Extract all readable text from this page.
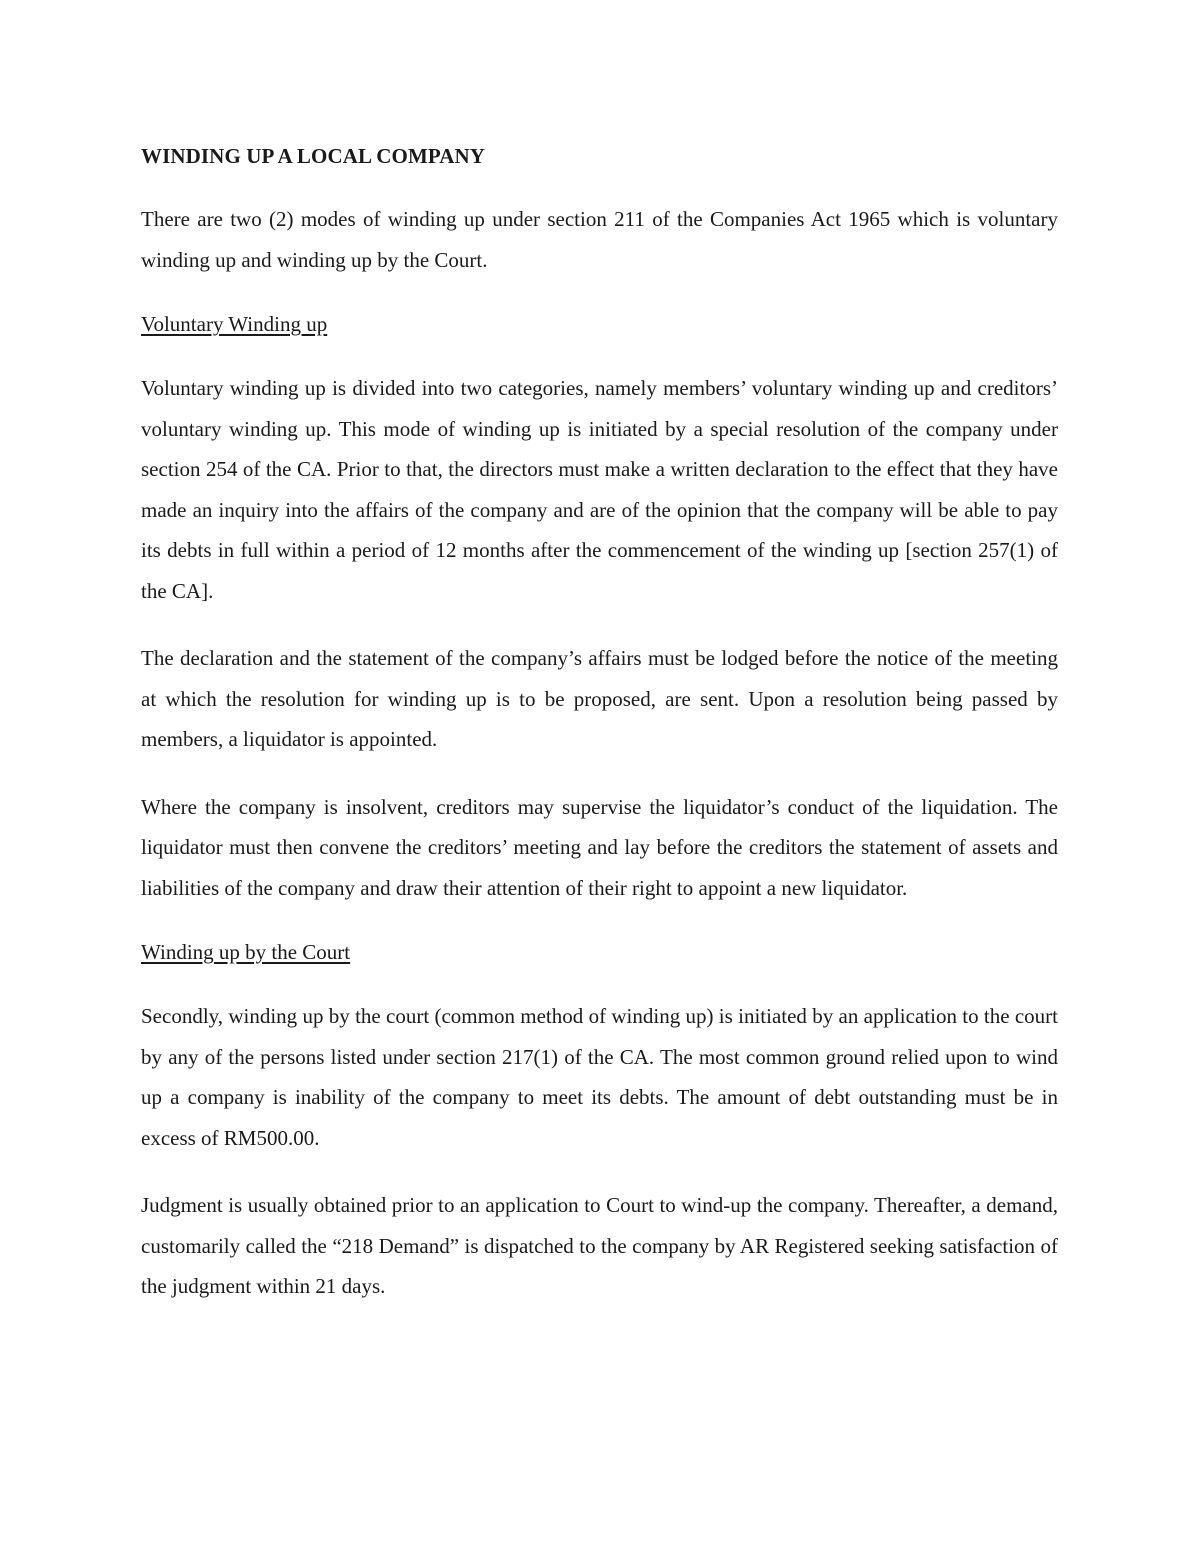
WINDING UP A LOCAL COMPANY
There are two (2) modes of winding up under section 211 of the Companies Act 1965 which is voluntary winding up and winding up by the Court.
Voluntary Winding up
Voluntary winding up is divided into two categories, namely members’ voluntary winding up and creditors’ voluntary winding up. This mode of winding up is initiated by a special resolution of the company under section 254 of the CA. Prior to that, the directors must make a written declaration to the effect that they have made an inquiry into the affairs of the company and are of the opinion that the company will be able to pay its debts in full within a period of 12 months after the commencement of the winding up [section 257(1) of the CA].
The declaration and the statement of the company’s affairs must be lodged before the notice of the meeting at which the resolution for winding up is to be proposed, are sent. Upon a resolution being passed by members, a liquidator is appointed.
Where the company is insolvent, creditors may supervise the liquidator’s conduct of the liquidation. The liquidator must then convene the creditors’ meeting and lay before the creditors the statement of assets and liabilities of the company and draw their attention of their right to appoint a new liquidator.
Winding up by the Court
Secondly, winding up by the court (common method of winding up) is initiated by an application to the court by any of the persons listed under section 217(1) of the CA. The most common ground relied upon to wind up a company is inability of the company to meet its debts. The amount of debt outstanding must be in excess of RM500.00.
Judgment is usually obtained prior to an application to Court to wind-up the company. Thereafter, a demand, customarily called the “218 Demand” is dispatched to the company by AR Registered seeking satisfaction of the judgment within 21 days.
